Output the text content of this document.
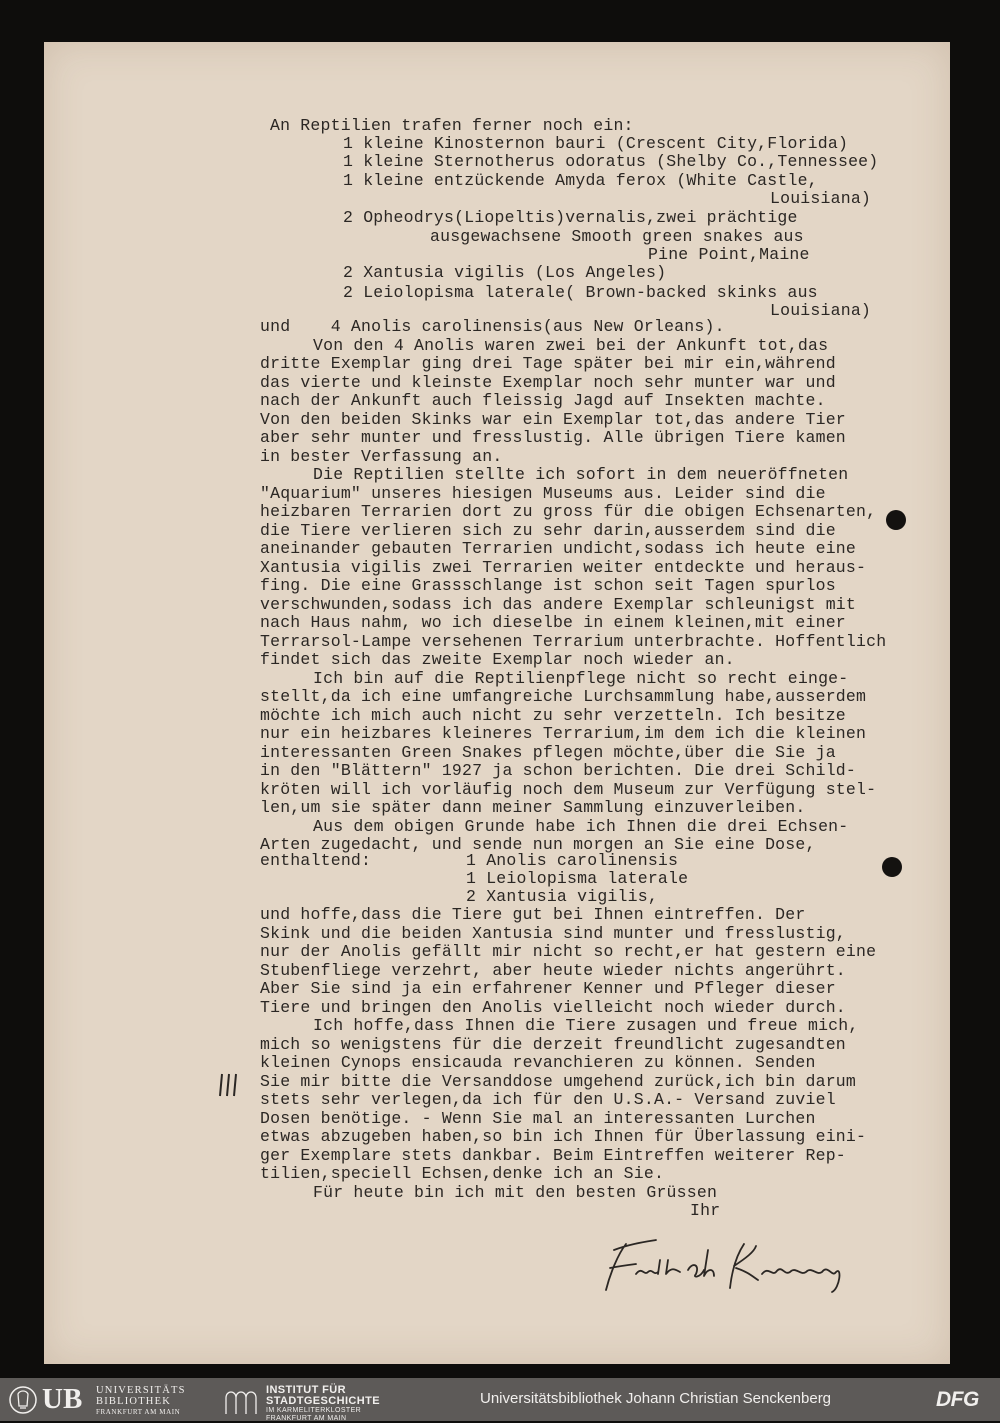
An Reptilien trafen ferner noch ein:
1 kleine Kinosternon bauri (Crescent City,Florida)
1 kleine Sternotherus odoratus (Shelby Co.,Tennessee)
1 kleine entzückende Amyda ferox (White Castle,
Louisiana)
2 Opheodrys(Liopeltis)vernalis,zwei prächtige
ausgewachsene Smooth green snakes aus
Pine Point,Maine
2 Xantusia vigilis (Los Angeles)
2 Leiolopisma laterale( Brown-backed skinks aus
Louisiana)
und    4 Anolis carolinensis(aus New Orleans).
Von den 4 Anolis waren zwei bei der Ankunft tot,das
dritte Exemplar ging drei Tage später bei mir ein,während
das vierte und kleinste Exemplar noch sehr munter war und
nach der Ankunft auch fleissig Jagd auf Insekten machte.
Von den beiden Skinks war ein Exemplar tot,das andere Tier
aber sehr munter und fresslustig. Alle übrigen Tiere kamen
in bester Verfassung an.
Die Reptilien stellte ich sofort in dem neueröffneten
"Aquarium" unseres hiesigen Museums aus. Leider sind die
heizbaren Terrarien dort zu gross für die obigen Echsenarten,
die Tiere verlieren sich zu sehr darin,ausserdem sind die
aneinander gebauten Terrarien undicht,sodass ich heute eine
Xantusia vigilis zwei Terrarien weiter entdeckte und heraus-
fing. Die eine Grassschlange ist schon seit Tagen spurlos
verschwunden,sodass ich das andere Exemplar schleunigst mit
nach Haus nahm, wo ich dieselbe in einem kleinen,mit einer
Terrarsol-Lampe versehenen Terrarium unterbrachte. Hoffentlich
findet sich das zweite Exemplar noch wieder an.
Ich bin auf die Reptilienpflege nicht so recht einge-
stellt,da ich eine umfangreiche Lurchsammlung habe,ausserdem
möchte ich mich auch nicht zu sehr verzetteln. Ich besitze
nur ein heizbares kleineres Terrarium,im dem ich die kleinen
interessanten Green Snakes pflegen möchte,über die Sie ja
in den "Blättern" 1927 ja schon berichten. Die drei Schild-
kröten will ich vorläufig noch dem Museum zur Verfügung stel-
len,um sie später dann meiner Sammlung einzuverleiben.
Aus dem obigen Grunde habe ich Ihnen die drei Echsen-
Arten zugedacht, und sende nun morgen an Sie eine Dose,
enthaltend:	1 Anolis carolinensis
1 Leiolopisma laterale
2 Xantusia vigilis,
und hoffe,dass die Tiere gut bei Ihnen eintreffen. Der
Skink und die beiden Xantusia sind munter und fresslustig,
nur der Anolis gefällt mir nicht so recht,er hat gestern eine
Stubenfliege verzehrt, aber heute wieder nichts angerührt.
Aber Sie sind ja ein erfahrener Kenner und Pfleger dieser
Tiere und bringen den Anolis vielleicht noch wieder durch.
Ich hoffe,dass Ihnen die Tiere zusagen und freue mich,
mich so wenigstens für die derzeit freundlicht zugesandten
kleinen Cynops ensicauda revanchieren zu können. Senden
Sie mir bitte die Versanddose umgehend zurück,ich bin darum
stets sehr verlegen,da ich für den U.S.A.- Versand zuviel
Dosen benötige. - Wenn Sie mal an interessanten Lurchen
etwas abzugeben haben,so bin ich Ihnen für Überlassung eini-
ger Exemplare stets dankbar. Beim Eintreffen weiterer Rep-
tilien,speciell Echsen,denke ich an Sie.
Für heute bin ich mit den besten Grüssen
Ihr
UB UNIVERSITÄTS
BIBLIOTHEK
FRANKFURT AM MAIN
INSTITUT FÜR
STADTGESCHICHTE
IM KARMELITERKLOSTER
FRANKFURT AM MAIN
Universitätsbibliothek Johann Christian Senckenberg	DFG
